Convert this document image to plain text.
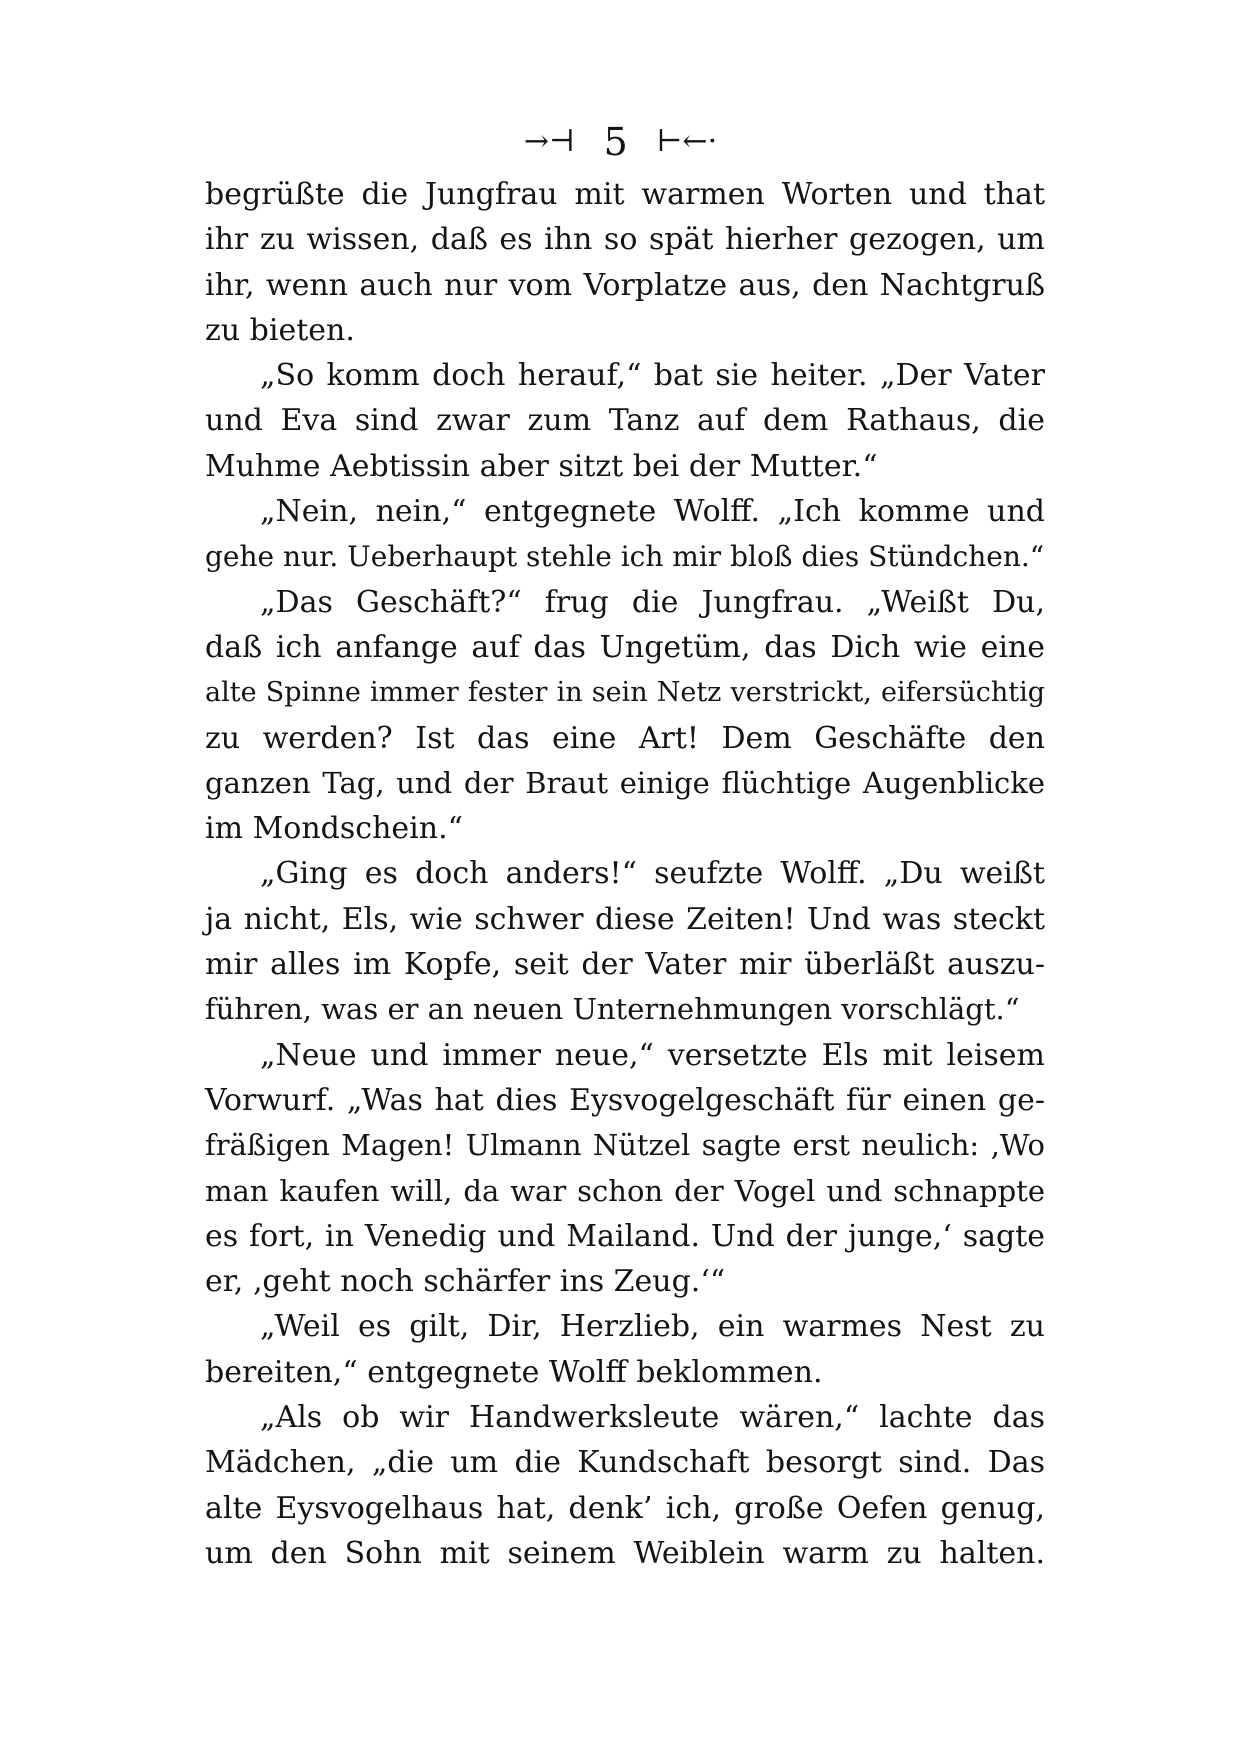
→⊣ 5 ⊢←·
begrüßte die Jungfrau mit warmen Worten und that
ihr zu wissen, daß es ihn so spät hierher gezogen, um
ihr, wenn auch nur vom Vorplatze aus, den Nachtgruß
zu bieten.
„So komm doch herauf,“ bat sie heiter. „Der Vater
und Eva sind zwar zum Tanz auf dem Rathaus, die
Muhme Aebtissin aber sitzt bei der Mutter.“
„Nein, nein,“ entgegnete Wolff. „Ich komme und
gehe nur. Ueberhaupt stehle ich mir bloß dies Stündchen.“
„Das Geschäft?“ frug die Jungfrau. „Weißt Du,
daß ich anfange auf das Ungetüm, das Dich wie eine
alte Spinne immer fester in sein Netz verstrickt, eifersüchtig
zu werden? Ist das eine Art! Dem Geschäfte den
ganzen Tag, und der Braut einige flüchtige Augenblicke
im Mondschein.“
„Ging es doch anders!“ seufzte Wolff. „Du weißt
ja nicht, Els, wie schwer diese Zeiten! Und was steckt
mir alles im Kopfe, seit der Vater mir überläßt auszu-
führen, was er an neuen Unternehmungen vorschlägt.“
„Neue und immer neue,“ versetzte Els mit leisem
Vorwurf. „Was hat dies Eysvogelgeschäft für einen ge-
fräßigen Magen! Ulmann Nützel sagte erst neulich: ‚Wo
man kaufen will, da war schon der Vogel und schnappte
es fort, in Venedig und Mailand. Und der junge,‘ sagte
er, ‚geht noch schärfer ins Zeug.‘“
„Weil es gilt, Dir, Herzlieb, ein warmes Nest zu
bereiten,“ entgegnete Wolff beklommen.
„Als ob wir Handwerksleute wären,“ lachte das
Mädchen, „die um die Kundschaft besorgt sind. Das
alte Eysvogelhaus hat, denk’ ich, große Oefen genug,
um den Sohn mit seinem Weiblein warm zu halten.
